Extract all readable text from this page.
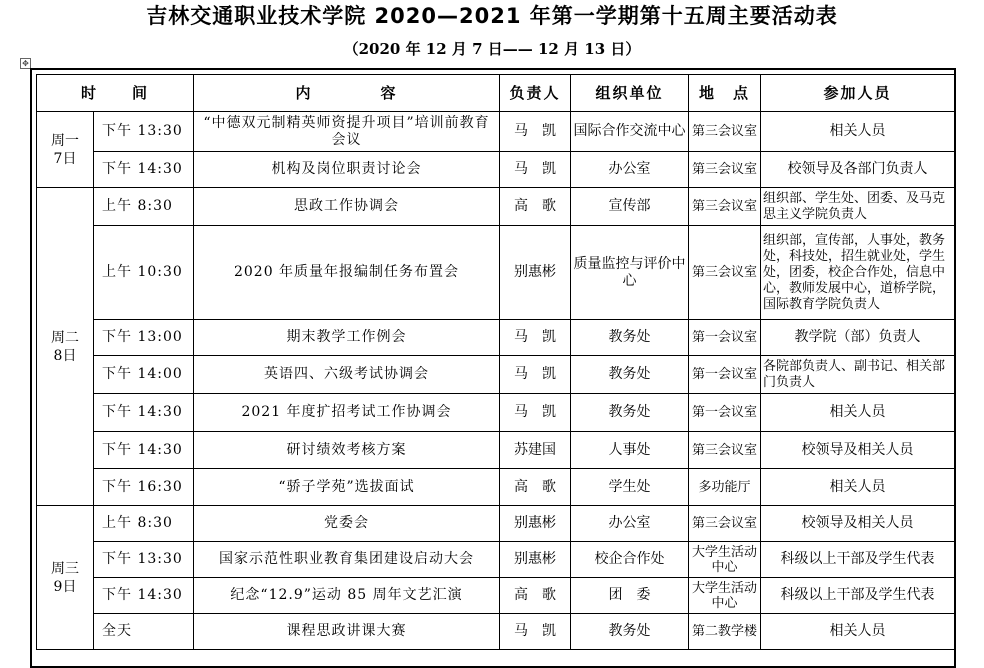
吉林交通职业技术学院 2020—2021 年第一学期第十五周主要活动表
（2020 年 12 月 7 日—— 12 月 13 日）
✥
时　　间		内　　　　容	负责人	组织单位	地　点	参加人员

周一
7日	下午 13:30	“中德双元制精英师资提升项目”培训前教育会议	马　凯	国际合作交流中心	第三会议室	相关人员
	下午 14:30	机构及岗位职责讨论会	马　凯	办公室	第三会议室	校领导及各部门负责人

周二
8日	上午 8:30	思政工作协调会	高　歌	宣传部	第三会议室	组织部、学生处、团委、及马克思主义学院负责人
	上午 10:30	2020 年质量年报编制任务布置会	别惠彬	质量监控与评价中心	第三会议室	组织部，宣传部，人事处，教务处，科技处，招生就业处，学生处，团委，校企合作处，信息中心，教师发展中心，道桥学院，国际教育学院负责人
	下午 13:00	期末教学工作例会	马　凯	教务处	第一会议室	教学院（部）负责人
	下午 14:00	英语四、六级考试协调会	马　凯	教务处	第一会议室	各院部负责人、副书记、相关部门负责人
	下午 14:30	2021 年度扩招考试工作协调会	马　凯	教务处	第一会议室	相关人员
	下午 14:30	研讨绩效考核方案	苏建国	人事处	第三会议室	校领导及相关人员
	下午 16:30	“骄子学苑”选拔面试	高　歌	学生处	多功能厅	相关人员

周三
9日	上午 8:30	党委会	别惠彬	办公室	第三会议室	校领导及相关人员
	下午 13:30	国家示范性职业教育集团建设启动大会	别惠彬	校企合作处	大学生活动中心	科级以上干部及学生代表
	下午 14:30	纪念“12.9”运动 85 周年文艺汇演	高　歌	团　委	大学生活动中心	科级以上干部及学生代表
	全天	课程思政讲课大赛	马　凯	教务处	第二教学楼	相关人员
